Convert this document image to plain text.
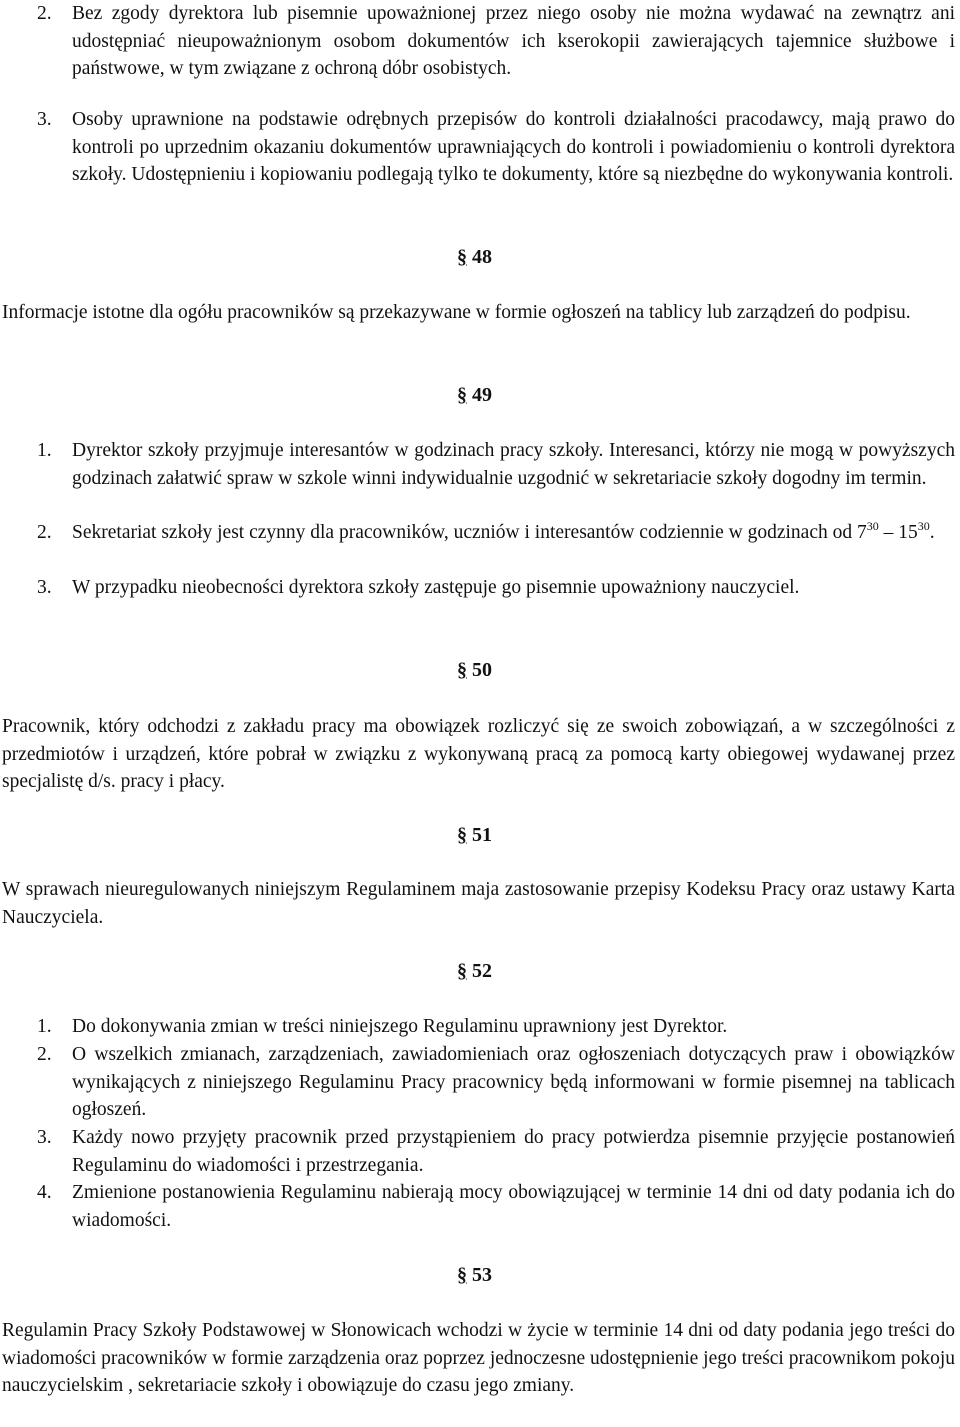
2. Bez zgody dyrektora lub pisemnie upoważnionej przez niego osoby nie można wydawać na zewnątrz ani udostępniać nieupoważnionym osobom dokumentów ich kserokopii zawierających tajemnice służbowe i państwowe, w tym związane z ochroną dóbr osobistych.
3. Osoby uprawnione na podstawie odrębnych przepisów do kontroli działalności pracodawcy, mają prawo do kontroli po uprzednim okazaniu dokumentów uprawniających do kontroli i powiadomieniu o kontroli dyrektora szkoły. Udostępnieniu i kopiowaniu podlegają tylko te dokumenty, które są niezbędne do wykonywania kontroli.
§ 48
Informacje istotne dla ogółu pracowników są przekazywane w formie ogłoszeń na tablicy lub zarządzeń do podpisu.
§ 49
1. Dyrektor szkoły przyjmuje interesantów w godzinach pracy szkoły. Interesanci, którzy nie mogą w powyższych godzinach załatwić spraw w szkole winni indywidualnie uzgodnić w sekretariacie szkoły dogodny im termin.
2. Sekretariat szkoły jest czynny dla pracowników, uczniów i interesantów codziennie w godzinach od $7^{30} - 15^{30}$.
3. W przypadku nieobecności dyrektora szkoły zastępuje go pisemnie upoważniony nauczyciel.
§ 50
Pracownik, który odchodzi z zakładu pracy ma obowiązek rozliczyć się ze swoich zobowiązań, a w szczególności z przedmiotów i urządzeń, które pobrał w związku z wykonywaną pracą za pomocą karty obiegowej wydawanej przez specjalistę d/s. pracy i płacy.
§ 51
W sprawach nieuregulowanych niniejszym Regulaminem maja zastosowanie przepisy Kodeksu Pracy oraz ustawy Karta Nauczyciela.
§ 52
1. Do dokonywania zmian w treści niniejszego Regulaminu uprawniony jest Dyrektor.
2. O wszelkich zmianach, zarządzeniach, zawiadomieniach oraz ogłoszeniach dotyczących praw i obowiązków wynikających z niniejszego Regulaminu Pracy pracownicy będą informowani w formie pisemnej na tablicach ogłoszeń.
3. Każdy nowo przyjęty pracownik przed przystąpieniem do pracy potwierdza pisemnie przyjęcie postanowień Regulaminu do wiadomości i przestrzegania.
4. Zmienione postanowienia Regulaminu nabierają mocy obowiązującej w terminie 14 dni od daty podania ich do wiadomości.
§ 53
Regulamin Pracy Szkoły Podstawowej w Słonowicach wchodzi w życie w terminie 14 dni od daty podania jego treści do wiadomości pracowników w formie zarządzenia oraz poprzez jednoczesne udostępnienie jego treści pracownikom pokoju nauczycielskim , sekretariacie szkoły i obowiązuje do czasu jego zmiany.
